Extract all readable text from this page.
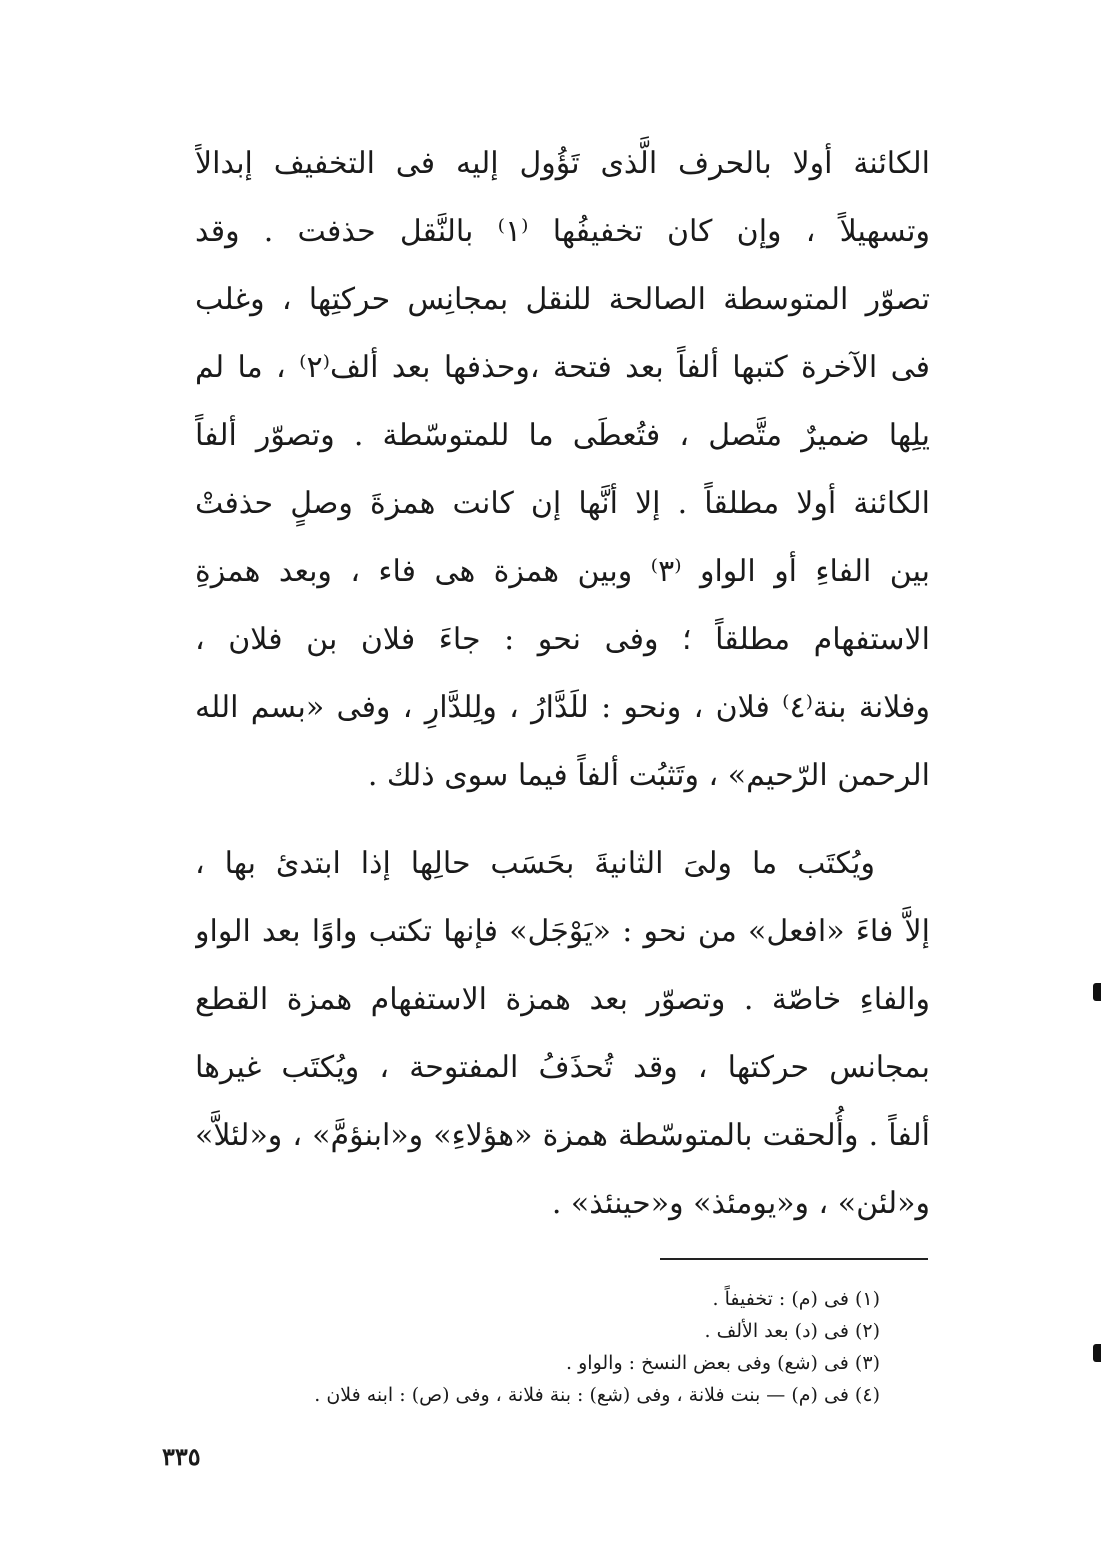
الكائنة أولا بالحرف الَّذى تَؤُول إليه فى التخفيف إبدالاً
وتسهيلاً ، وإن كان تخفيفُها ⁽١⁾ بالنَّقل حذفت . وقد
تصوّر المتوسطة الصالحة للنقل بمجانِس حركتِها ، وغلب
فى الآخرة كتبها ألفاً بعد فتحة ،وحذفها بعد ألف⁽٢⁾ ، ما لم
يلِها ضميرٌ متَّصل ، فتُعطَى ما للمتوسّطة . وتصوّر ألفاً
الكائنة أولا مطلقاً . إلا أنَّها إن كانت همزةَ وصلٍ حذفتْ
بين الفاءِ أو الواو ⁽٣⁾ وبين همزة هى فاء ، وبعد همزةِ
الاستفهام مطلقاً ؛ وفى نحو : جاءَ فلان بن فلان ،
وفلانة بنة⁽٤⁾ فلان ، ونحو : للَدَّارُ ، ولِلدَّارِ ، وفى «بسم الله
الرحمن الرّحيم» ، وتَثبُت ألفاً فيما سوى ذلك .
ويُكتَب ما ولىَ الثانيةَ بحَسَب حالِها إذا ابتدئ بها ،
إلاَّ فاءَ «افعل» من نحو : «يَوْجَل» فإنها تكتب واوًا بعد الواو
والفاءِ خاصّة . وتصوّر بعد همزة الاستفهام همزة القطع
بمجانس حركتها ، وقد تُحذَفُ المفتوحة ، ويُكتَب غيرها
ألفاً . وأُلحقت بالمتوسّطة همزة «هؤلاءِ» و«ابنؤمَّ» ، و«لئلاَّ»
و«لئن» ، و«يومئذ» و«حينئذ» .
(١) فى (م) : تخفيفاً .
(٢) فى (د) بعد الألف .
(٣) فى (شع) وفى بعض النسخ : والواو .
(٤) فى (م) — بنت فلانة ، وفى (شع) : بنة فلانة ، وفى (ص) : ابنه فلان .
٣٣٥
